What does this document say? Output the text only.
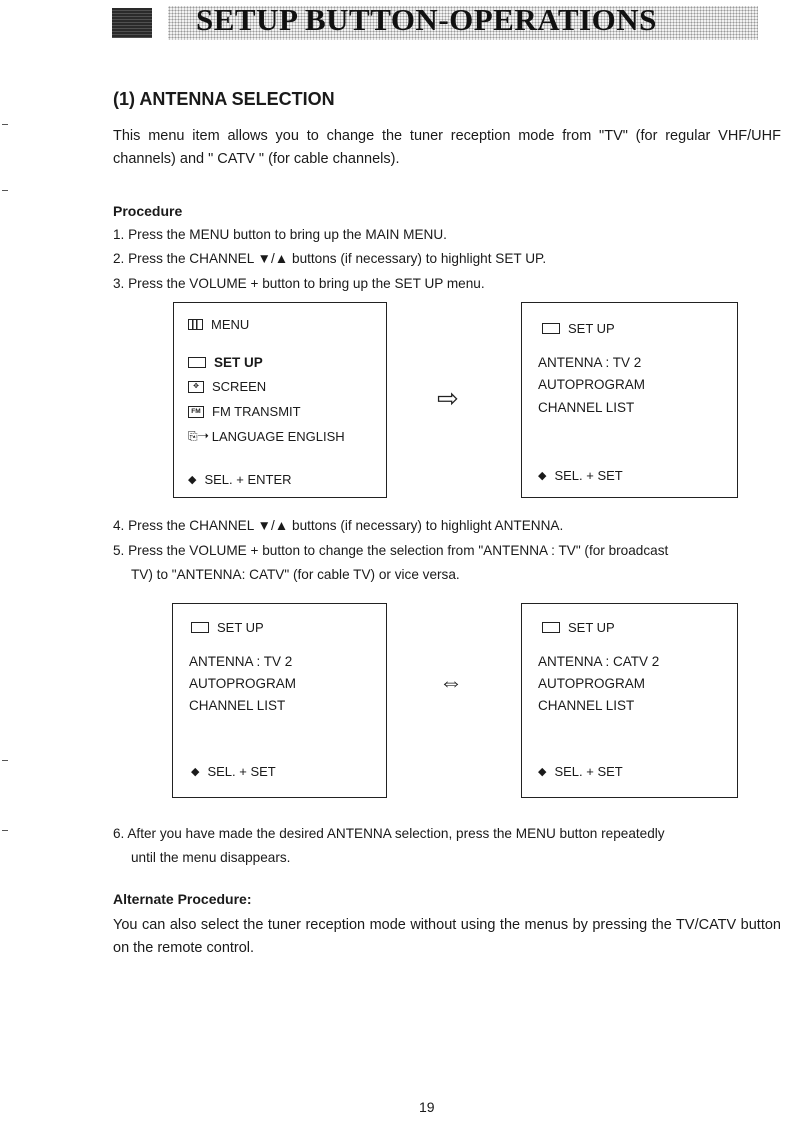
SETUP BUTTON-OPERATIONS
(1) ANTENNA SELECTION
This menu item allows you to change the tuner reception mode from "TV" (for regular VHF/UHF channels) and " CATV " (for cable channels).
Procedure
1. Press the MENU button to bring up the MAIN MENU.
2. Press the CHANNEL ▼/▲ buttons (if necessary) to highlight SET UP.
3. Press the VOLUME + button to bring up the SET UP menu.
MENU
SET UP
✥	SCREEN
FM FM TRANSMIT
⎘➝ LANGUAGE ENGLISH
◆ SEL. + ENTER
⇨
SET UP
ANTENNA : TV 2
AUTOPROGRAM
CHANNEL LIST
◆ SEL. + SET
4. Press the CHANNEL ▼/▲ buttons (if necessary) to highlight ANTENNA.
5. Press the VOLUME + button to change the selection from "ANTENNA : TV" (for broadcast
TV) to "ANTENNA: CATV" (for cable TV) or vice versa.
SET UP
ANTENNA : TV 2
AUTOPROGRAM
CHANNEL LIST
◆ SEL. + SET
⇔
SET UP
ANTENNA : CATV 2
AUTOPROGRAM
CHANNEL LIST
◆ SEL. + SET
6. After you have made the desired ANTENNA selection, press the MENU button repeatedly
until the menu disappears.
Alternate Procedure:
You can also select the tuner reception mode without using the menus by pressing the TV/CATV button on the remote control.
19
